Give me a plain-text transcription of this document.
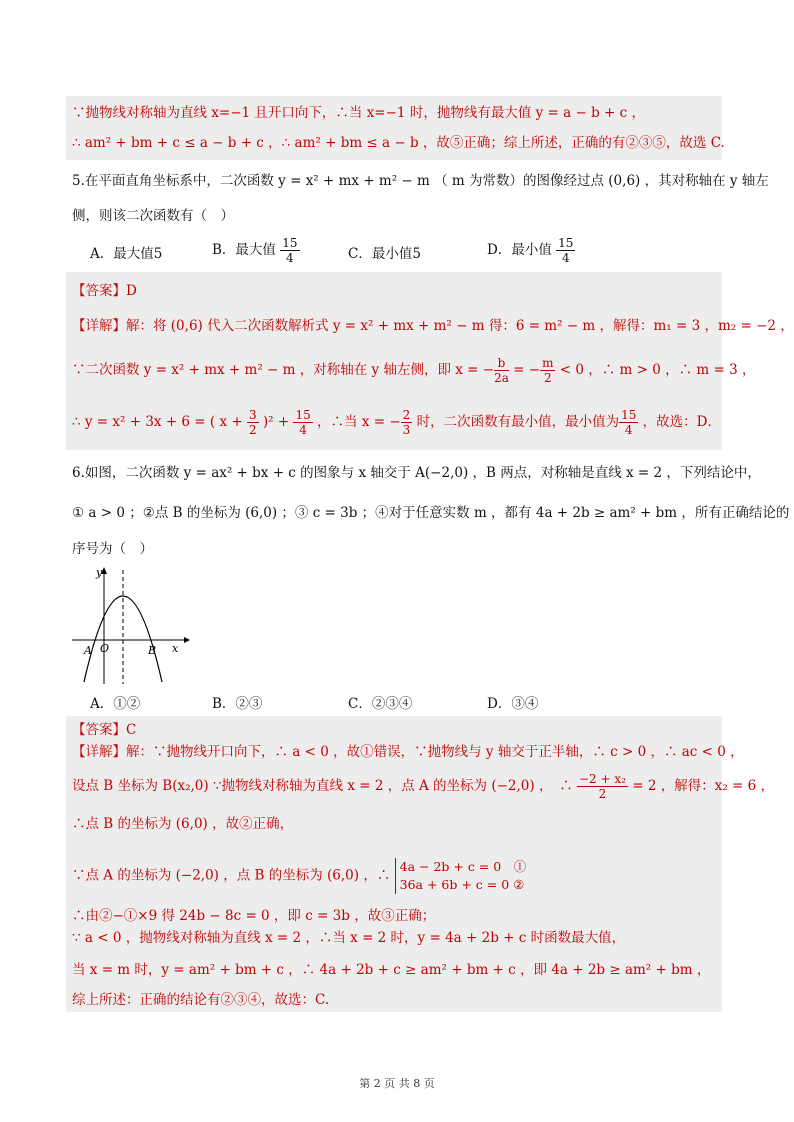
∵抛物线对称轴为直线 x=−1 且开口向下，∴当 x=−1 时，抛物线有最大值 y = a − b + c ，
∴ am² + bm + c ≤ a − b + c ，∴ am² + bm ≤ a − b ，故⑤正确；综上所述，正确的有②③⑤，故选 C.
5.在平面直角坐标系中，二次函数 y = x² + mx + m² − m （ m 为常数）的图像经过点 (0,6) ，其对称轴在 y 轴左
侧，则该二次函数有（　）
A．最大值5	B．最大值 $\frac{15}{4}$	C．最小值5	D．最小值 $\frac{15}{4}$
【答案】D
【详解】解：将 (0,6) 代入二次函数解析式 y = x² + mx + m² − m 得：6 = m² − m ，解得：m₁ = 3 ，m₂ = −2 ，
∵二次函数 y = x² + mx + m² − m ，对称轴在 y 轴左侧，即 x = − $\frac{b}{2a}$ = − $\frac{m}{2} < 0$ ，∴ m > 0 ，∴ m = 3 ，
∴ y = x² + 3x + 6 = ( $x + \frac{3}{2} )^2 + \frac{15}{4}$ ，∴当 x = − $\frac{2}{3}$ 时，二次函数有最小值，最小值为 $\frac{15}{4}$ ，故选：D．
6.如图，二次函数 y = ax² + bx + c 的图象与 x 轴交于 A(−2,0) ，B 两点，对称轴是直线 x = 2 ，下列结论中，
① a > 0 ；②点 B 的坐标为 (6,0) ；③ c = 3b ；④对于任意实数 m ，都有 4a + 2b ≥ am² + bm ，所有正确结论的
序号为（　）
y
x
A O	B
A．①②	B．②③	C．②③④	D．③④
【答案】C
【详解】解：∵抛物线开口向下，∴ a < 0 ，故①错误，∵抛物线与 y 轴交于正半轴，∴ c > 0 ，∴ ac < 0 ，
设点 B 坐标为 B(x₂,0) ∵抛物线对称轴为直线 x = 2 ，点 A 的坐标为 (−2,0) ，　∴ $\frac{\text{−2 + x₂}}{2} = 2$ ，解得：x₂ = 6 ，
∴点 B 的坐标为 (6,0) ，故②正确，
∵点 A 的坐标为 (−2,0) ，点 B 的坐标为 (6,0) ，∴
4a − 2b + c = 0　①
36a + 6b + c = 0 ②
∴由②−①×9 得 24b − 8c = 0 ，即 c = 3b ，故③正确；
∵ a < 0 ，抛物线对称轴为直线 x = 2 ，∴当 x = 2 时，y = 4a + 2b + c 时函数最大值，
当 x = m 时，y = am² + bm + c ，∴ 4a + 2b + c ≥ am² + bm + c ，即 4a + 2b ≥ am² + bm ，
综上所述：正确的结论有②③④，故选：C.
第 2 页 共 8 页
